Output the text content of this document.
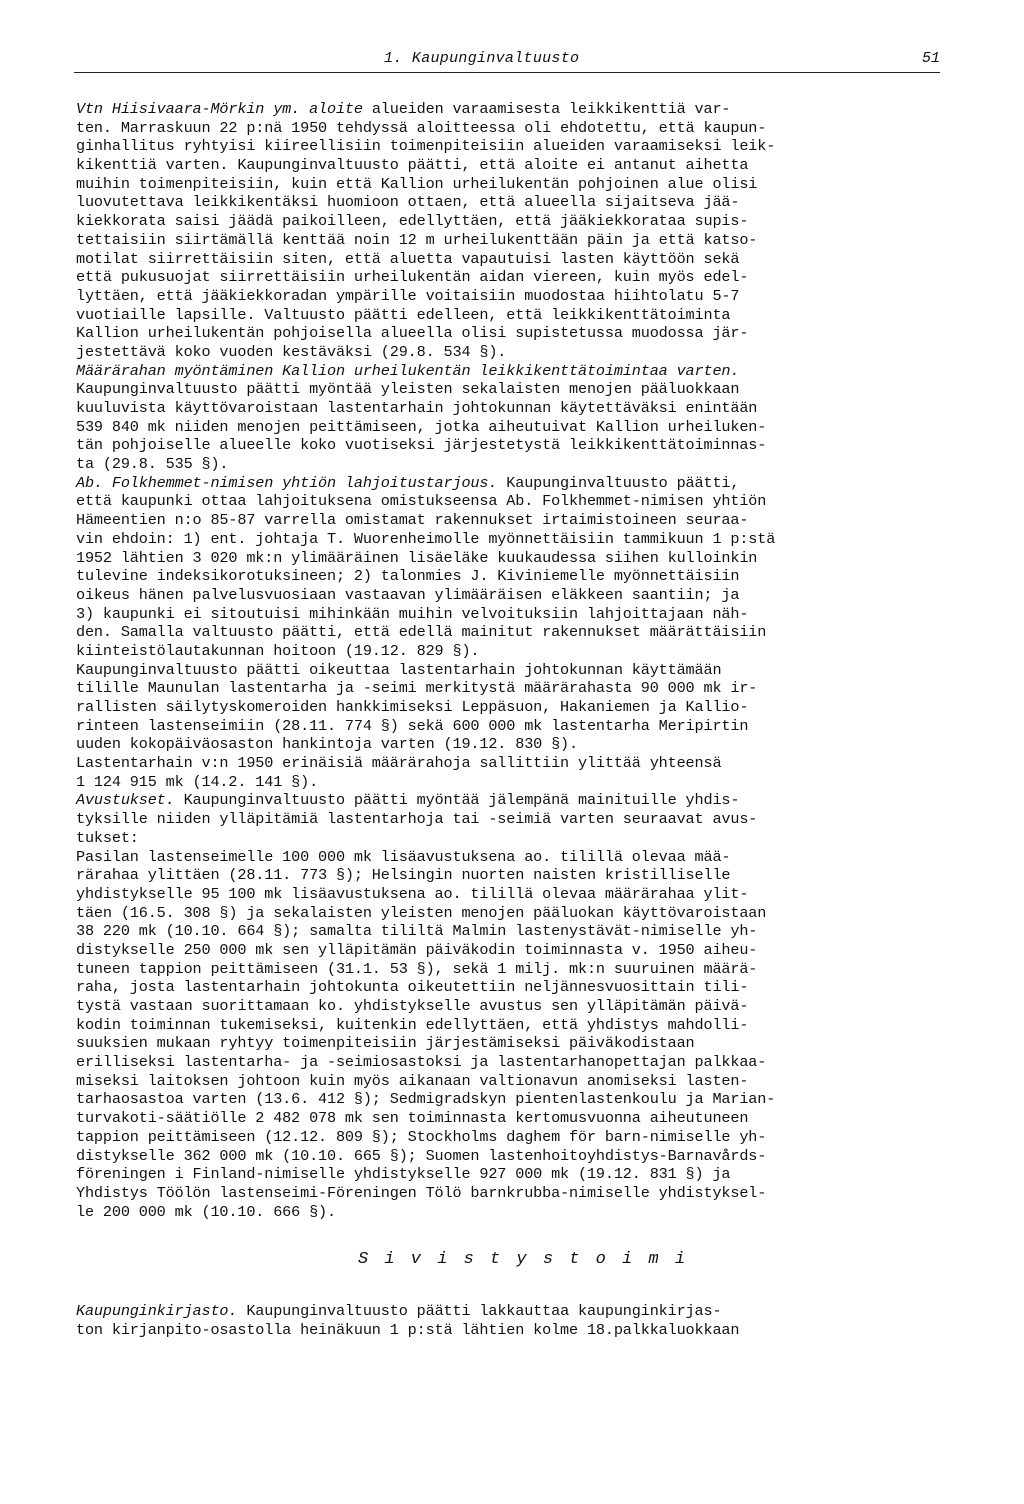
1. Kaupunginvaltuusto	51
Vtn Hiisivaara-Mörkin ym. aloite alueiden varaamisesta leikkikenttiä var-
ten. Marraskuun 22 p:nä 1950 tehdyssä aloitteessa oli ehdotettu, että kaupun-
ginhallitus ryhtyisi kiireellisiin toimenpiteisiin alueiden varaamiseksi leik-
kikenttiä varten. Kaupunginvaltuusto päätti, että aloite ei antanut aihetta
muihin toimenpiteisiin, kuin että Kallion urheilukentän pohjoinen alue olisi
luovutettava leikkikentäksi huomioon ottaen, että alueella sijaitseva jää-
kiekkorata saisi jäädä paikoilleen, edellyttäen, että jääkiekkorataa supis-
tettaisiin siirtämällä kenttää noin 12 m urheilukenttään päin ja että katso-
motilat siirrettäisiin siten, että aluetta vapautuisi lasten käyttöön sekä
että pukusuojat siirrettäisiin urheilukentän aidan viereen, kuin myös edel-
lyttäen, että jääkiekkoradan ympärille voitaisiin muodostaa hiihtolatu 5-7
vuotiaille lapsille. Valtuusto päätti edelleen, että leikkikenttätoiminta
Kallion urheilukentän pohjoisella alueella olisi supistetussa muodossa jär-
jestettävä koko vuoden kestäväksi (29.8. 534 §).
Määrärahan myöntäminen Kallion urheilukentän leikkikenttätoimintaa varten.
Kaupunginvaltuusto päätti myöntää yleisten sekalaisten menojen pääluokkaan
kuuluvista käyttövaroistaan lastentarhain johtokunnan käytettäväksi enintään
539 840 mk niiden menojen peittämiseen, jotka aiheutuivat Kallion urheiluken-
tän pohjoiselle alueelle koko vuotiseksi järjestetystä leikkikenttätoiminnas-
ta (29.8. 535 §).
Ab. Folkhemmet-nimisen yhtiön lahjoitustarjous. Kaupunginvaltuusto päätti,
että kaupunki ottaa lahjoituksena omistukseensa Ab. Folkhemmet-nimisen yhtiön
Hämeentien n:o 85-87 varrella omistamat rakennukset irtaimistoineen seuraa-
vin ehdoin: 1) ent. johtaja T. Wuorenheimolle myönnettäisiin tammikuun 1 p:stä
1952 lähtien 3 020 mk:n ylimääräinen lisäeläke kuukaudessa siihen kulloinkin
tulevine indeksikorotuksineen; 2) talonmies J. Kiviniemelle myönnettäisiin
oikeus hänen palvelusvuosiaan vastaavan ylimääräisen eläkkeen saantiin; ja
3) kaupunki ei sitoutuisi mihinkään muihin velvoituksiin lahjoittajaan näh-
den. Samalla valtuusto päätti, että edellä mainitut rakennukset määrättäisiin
kiinteistölautakunnan hoitoon (19.12. 829 §).
Kaupunginvaltuusto päätti oikeuttaa lastentarhain johtokunnan käyttämään
tilille Maunulan lastentarha ja -seimi merkitystä määrärahasta 90 000 mk ir-
rallisten säilytyskomeroiden hankkimiseksi Leppäsuon, Hakaniemen ja Kallio-
rinteen lastenseimiin (28.11. 774 §) sekä 600 000 mk lastentarha Meripirtin
uuden kokopäiväosaston hankintoja varten (19.12. 830 §).
Lastentarhain v:n 1950 erinäisiä määrärahoja sallittiin ylittää yhteensä
1 124 915 mk (14.2. 141 §).
Avustukset. Kaupunginvaltuusto päätti myöntää jälempänä mainituille yhdis-
tyksille niiden ylläpitämiä lastentarhoja tai -seimiä varten seuraavat avus-
tukset:
Pasilan lastenseimelle 100 000 mk lisäavustuksena ao. tilillä olevaa mää-
rärahaa ylittäen (28.11. 773 §); Helsingin nuorten naisten kristilliselle
yhdistykselle 95 100 mk lisäavustuksena ao. tilillä olevaa määrärahaa ylit-
täen (16.5. 308 §) ja sekalaisten yleisten menojen pääluokan käyttövaroistaan
38 220 mk (10.10. 664 §); samalta tililtä Malmin lastenystävät-nimiselle yh-
distykselle 250 000 mk sen ylläpitämän päiväkodin toiminnasta v. 1950 aiheu-
tuneen tappion peittämiseen (31.1. 53 §), sekä 1 milj. mk:n suuruinen määrä-
raha, josta lastentarhain johtokunta oikeutettiin neljännesvuosittain tili-
tystä vastaan suorittamaan ko. yhdistykselle avustus sen ylläpitämän päivä-
kodin toiminnan tukemiseksi, kuitenkin edellyttäen, että yhdistys mahdolli-
suuksien mukaan ryhtyy toimenpiteisiin järjestämiseksi päiväkodistaan
erilliseksi lastentarha- ja -seimiosastoksi ja lastentarhanopettajan palkkaa-
miseksi laitoksen johtoon kuin myös aikanaan valtionavun anomiseksi lasten-
tarhaosastoa varten (13.6. 412 §); Sedmigradskyn pientenlastenkoulu ja Marian-
turvakoti-säätiölle 2 482 078 mk sen toiminnasta kertomusvuonna aiheutuneen
tappion peittämiseen (12.12. 809 §); Stockholms daghem för barn-nimiselle yh-
distykselle 362 000 mk (10.10. 665 §); Suomen lastenhoitoyhdistys-Barnavårds-
föreningen i Finland-nimiselle yhdistykselle 927 000 mk (19.12. 831 §) ja
Yhdistys Töölön lastenseimi-Föreningen Tölö barnkrubba-nimiselle yhdistyksel-
le 200 000 mk (10.10. 666 §).
S i v i s t y s t o i m i
Kaupunginkirjasto. Kaupunginvaltuusto päätti lakkauttaa kaupunginkirjas-
ton kirjanpito-osastolla heinäkuun 1 p:stä lähtien kolme 18.palkkaluokkaan
